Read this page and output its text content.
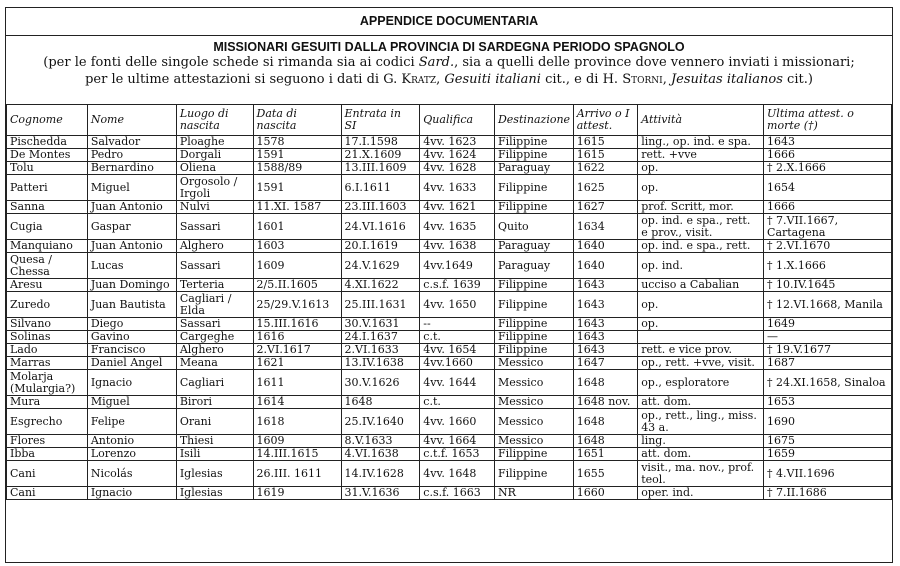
APPENDICE DOCUMENTARIA
MISSIONARI GESUITI DALLA PROVINCIA DI SARDEGNA PERIODO SPAGNOLO
(per le fonti delle singole schede si rimanda sia ai codici Sard., sia a quelli delle province dove vennero inviati i missionari;
per le ultime attestazioni si seguono i dati di G. Kratz, Gesuiti italiani cit., e di H. Storni, Jesuitas italianos cit.)
Cognome	Nome	Luogo di nascita	Data di nascita	Entrata in SI	Qualifica	Destinazione	Arrivo o I attest.	Attività	Ultima attest. o morte (†)
Pischedda	Salvador	Ploaghe	1578	17.I.1598	4vv. 1623	Filippine	1615	ling., op. ind. e spa.	1643
De Montes	Pedro	Dorgali	1591	21.X.1609	4vv. 1624	Filippine	1615	rett. +vve	1666
Tolu	Bernardino	Oliena	1588/89	13.III.1609	4vv. 1628	Paraguay	1622	op.	† 2.X.1666
Patteri	Miguel	Orgosolo / Irgoli	1591	6.I.1611	4vv. 1633	Filippine	1625	op.	1654
Sanna	Juan Antonio	Nulvi	11.XI. 1587	23.III.1603	4vv. 1621	Filippine	1627	prof. Scritt, mor.	1666
Cugia	Gaspar	Sassari	1601	24.VI.1616	4vv. 1635	Quito	1634	op. ind. e spa., rett. e prov., visit.	† 7.VII.1667, Cartagena
Manquiano	Juan Antonio	Alghero	1603	20.I.1619	4vv. 1638	Paraguay	1640	op. ind. e spa., rett.	† 2.VI.1670
Quesa / Chessa	Lucas	Sassari	1609	24.V.1629	4vv.1649	Paraguay	1640	op. ind.	† 1.X.1666
Aresu	Juan Domingo	Terteria	2/5.II.1605	4.XI.1622	c.s.f. 1639	Filippine	1643	ucciso a Cabalian	† 10.IV.1645
Zuredo	Juan Bautista	Cagliari / Elda	25/29.V.1613	25.III.1631	4vv. 1650	Filippine	1643	op.	† 12.VI.1668, Manila
Silvano	Diego	Sassari	15.III.1616	30.V.1631	--	Filippine	1643	op.	1649
Solinas	Gavino	Cargeghe	1616	24.I.1637	c.t.	Filippine	1643		—
Lado	Francisco	Alghero	2.VI.1617	2.VI.1633	4vv. 1654	Filippine	1643	rett. e vice prov.	† 19.V.1677
Marras	Daniel Angel	Meana	1621	13.IV.1638	4vv.1660	Messico	1647	op., rett. +vve, visit.	1687
Molarja (Mulargia?)	Ignacio	Cagliari	1611	30.V.1626	4vv. 1644	Messico	1648	op., esploratore	† 24.XI.1658, Sinaloa
Mura	Miguel	Birori	1614	1648	c.t.	Messico	1648 nov.	att. dom.	1653
Esgrecho	Felipe	Orani	1618	25.IV.1640	4vv. 1660	Messico	1648	op., rett., ling., miss. 43 a.	1690
Flores	Antonio	Thiesi	1609	8.V.1633	4vv. 1664	Messico	1648	ling.	1675
Ibba	Lorenzo	Isili	14.III.1615	4.VI.1638	c.t.f. 1653	Filippine	1651	att. dom.	1659
Cani	Nicolás	Iglesias	26.III. 1611	14.IV.1628	4vv. 1648	Filippine	1655	visit., ma. nov., prof. teol.	† 4.VII.1696
Cani	Ignacio	Iglesias	1619	31.V.1636	c.s.f. 1663	NR	1660	oper. ind.	† 7.II.1686
